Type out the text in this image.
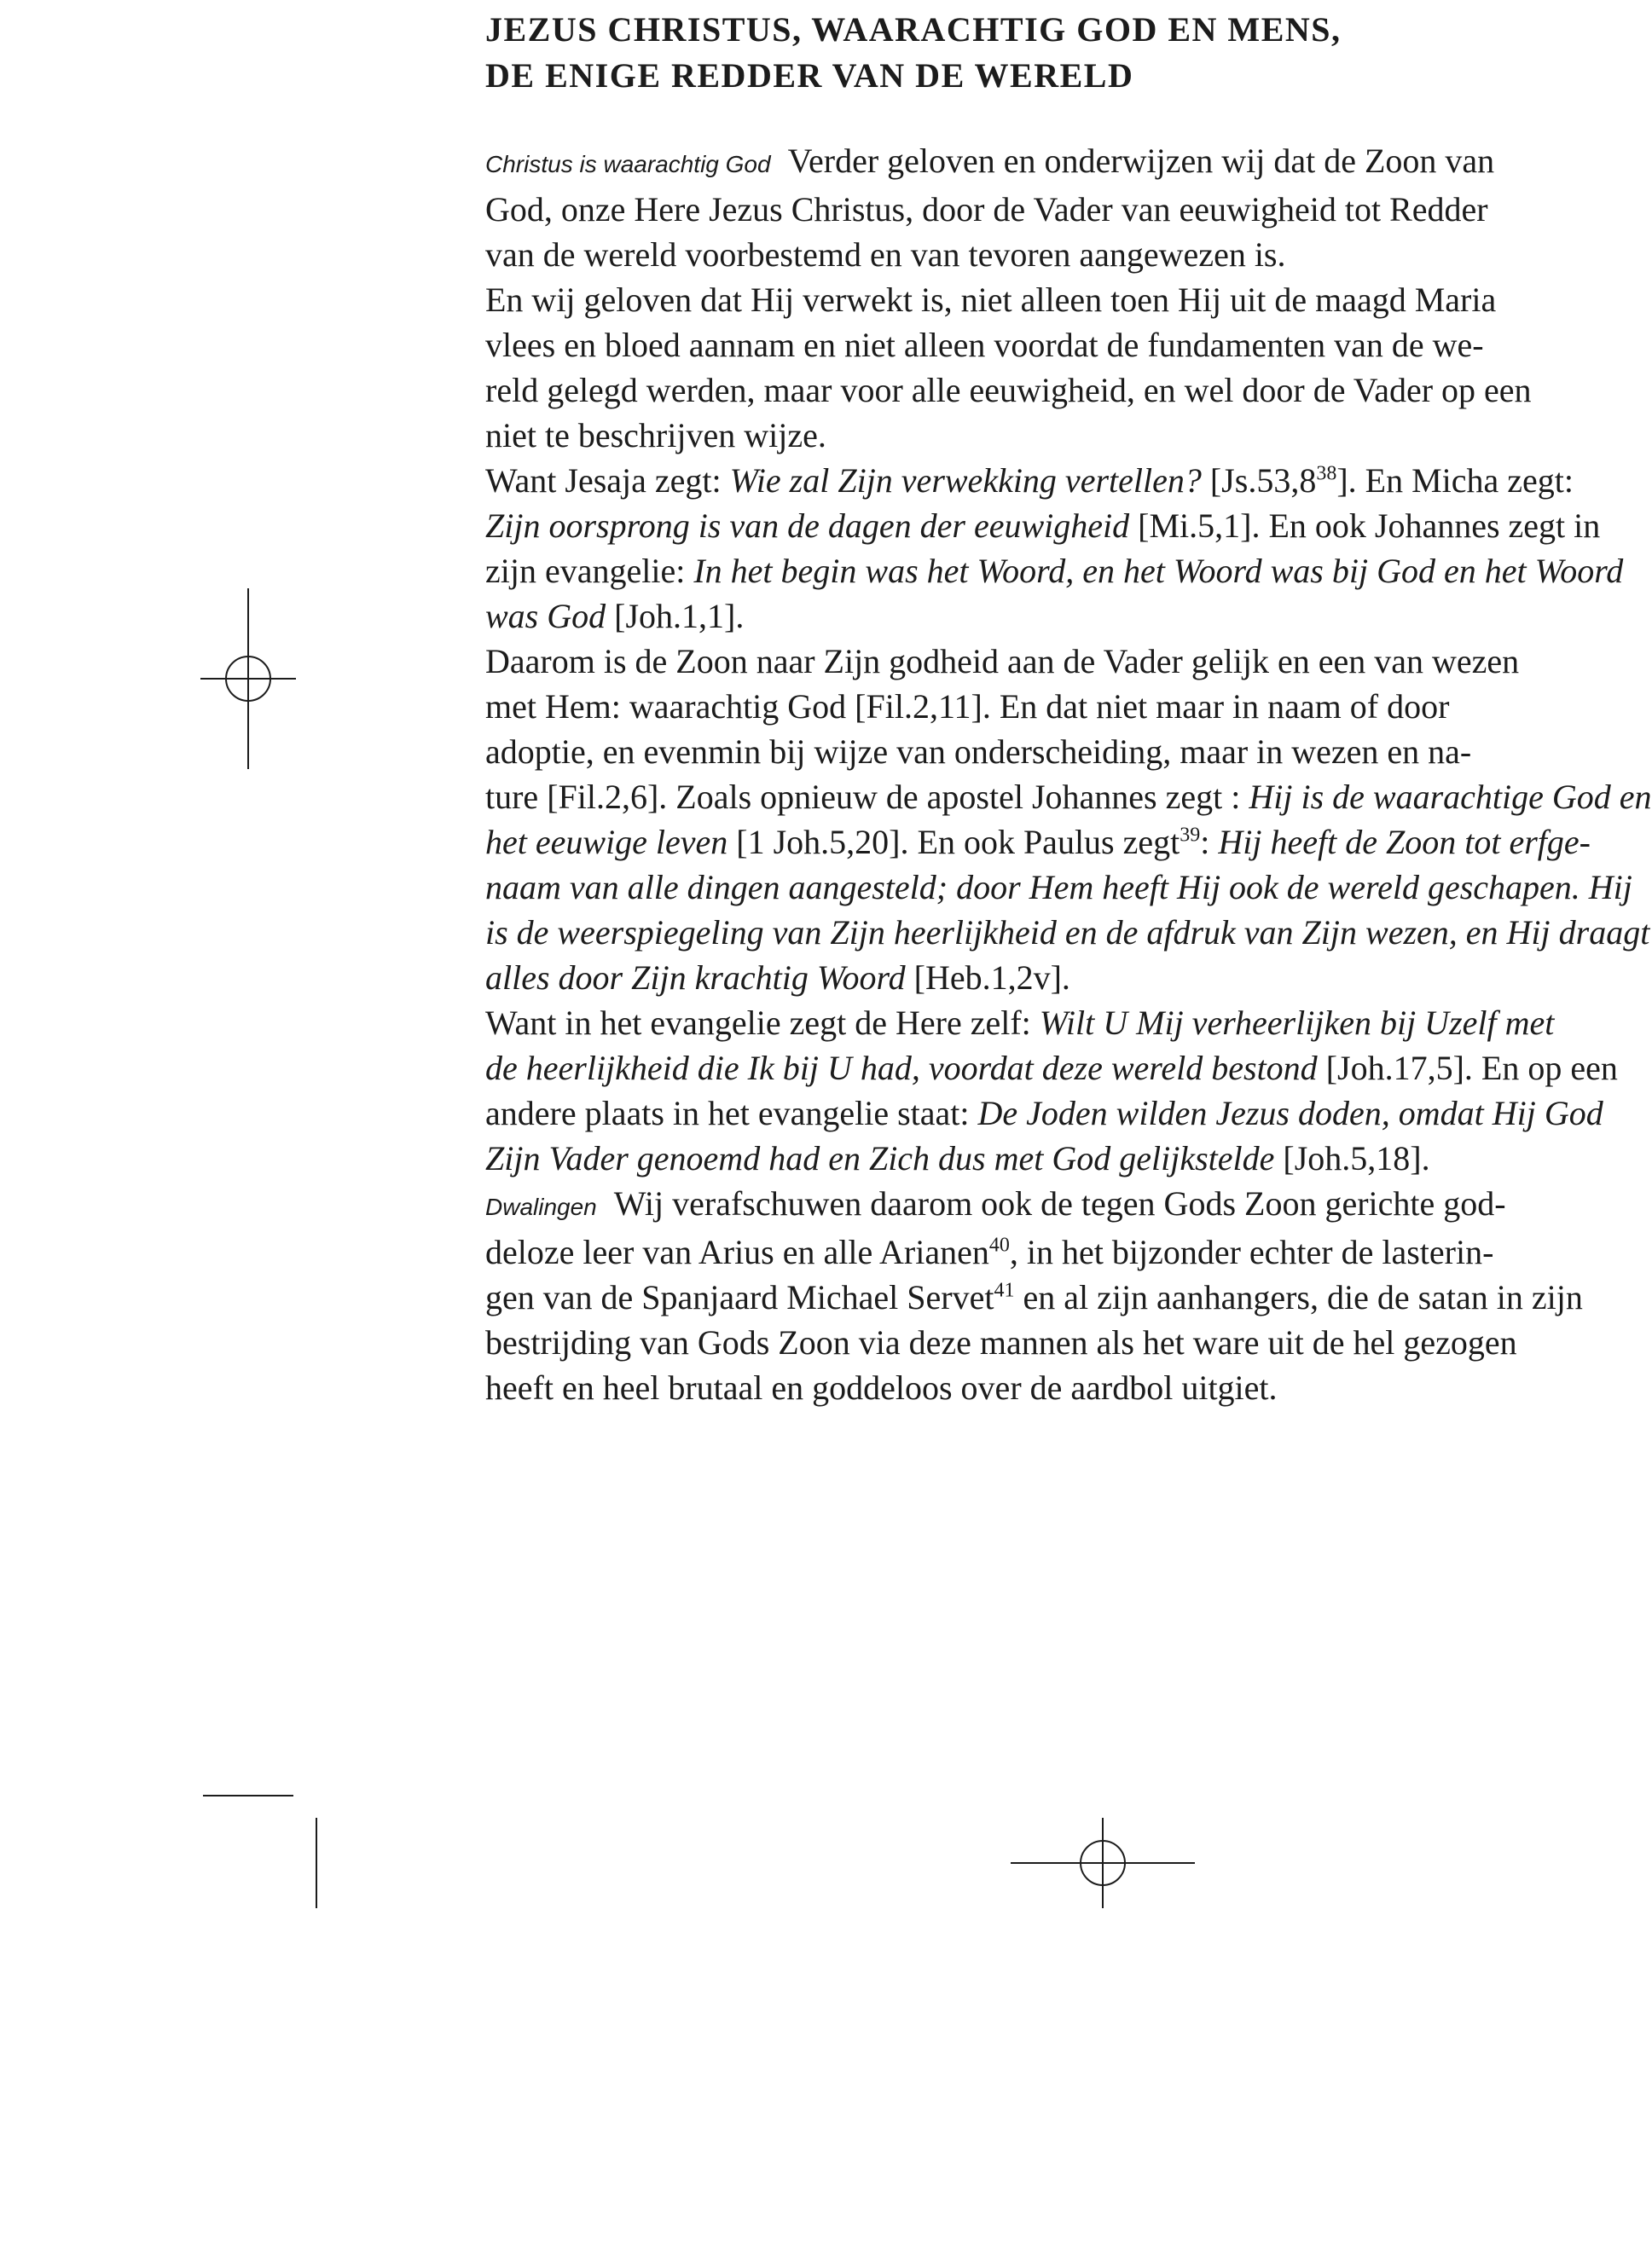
JEZUS CHRISTUS, WAARACHTIG GOD EN MENS,
DE ENIGE REDDER VAN DE WERELD
Christus is waarachtig God Verder geloven en onderwijzen wij dat de Zoon van
God, onze Here Jezus Christus, door de Vader van eeuwigheid tot Redder
van de wereld voorbestemd en van tevoren aangewezen is.
En wij geloven dat Hij verwekt is, niet alleen toen Hij uit de maagd Maria
vlees en bloed aannam en niet alleen voordat de fundamenten van de we-
reld gelegd werden, maar voor alle eeuwigheid, en wel door de Vader op een
niet te beschrijven wijze.
Want Jesaja zegt: Wie zal Zijn verwekking vertellen? [Js.53,8$^{38}$]. En Micha zegt:
Zijn oorsprong is van de dagen der eeuwigheid [Mi.5,1]. En ook Johannes zegt in
zijn evangelie: In het begin was het Woord, en het Woord was bij God en het Woord
was God [Joh.1,1].
Daarom is de Zoon naar Zijn godheid aan de Vader gelijk en een van wezen
met Hem: waarachtig God [Fil.2,11]. En dat niet maar in naam of door
adoptie, en evenmin bij wijze van onderscheiding, maar in wezen en na-
ture [Fil.2,6]. Zoals opnieuw de apostel Johannes zegt : Hij is de waarachtige God en
het eeuwige leven [1 Joh.5,20]. En ook Paulus zegt$^{39}$: Hij heeft de Zoon tot erfge-
naam van alle dingen aangesteld; door Hem heeft Hij ook de wereld geschapen. Hij
is de weerspiegeling van Zijn heerlijkheid en de afdruk van Zijn wezen, en Hij draagt
alles door Zijn krachtig Woord [Heb.1,2v].
Want in het evangelie zegt de Here zelf: Wilt U Mij verheerlijken bij Uzelf met
de heerlijkheid die Ik bij U had, voordat deze wereld bestond [Joh.17,5]. En op een
andere plaats in het evangelie staat: De Joden wilden Jezus doden, omdat Hij God
Zijn Vader genoemd had en Zich dus met God gelijkstelde [Joh.5,18].
Dwalingen Wij verafschuwen daarom ook de tegen Gods Zoon gerichte god-
deloze leer van Arius en alle Arianen$^{40}$, in het bijzonder echter de lasterin-
gen van de Spanjaard Michael Servet$^{41}$ en al zijn aanhangers, die de satan in zijn
bestrijding van Gods Zoon via deze mannen als het ware uit de hel gezogen
heeft en heel brutaal en goddeloos over de aardbol uitgiet.
